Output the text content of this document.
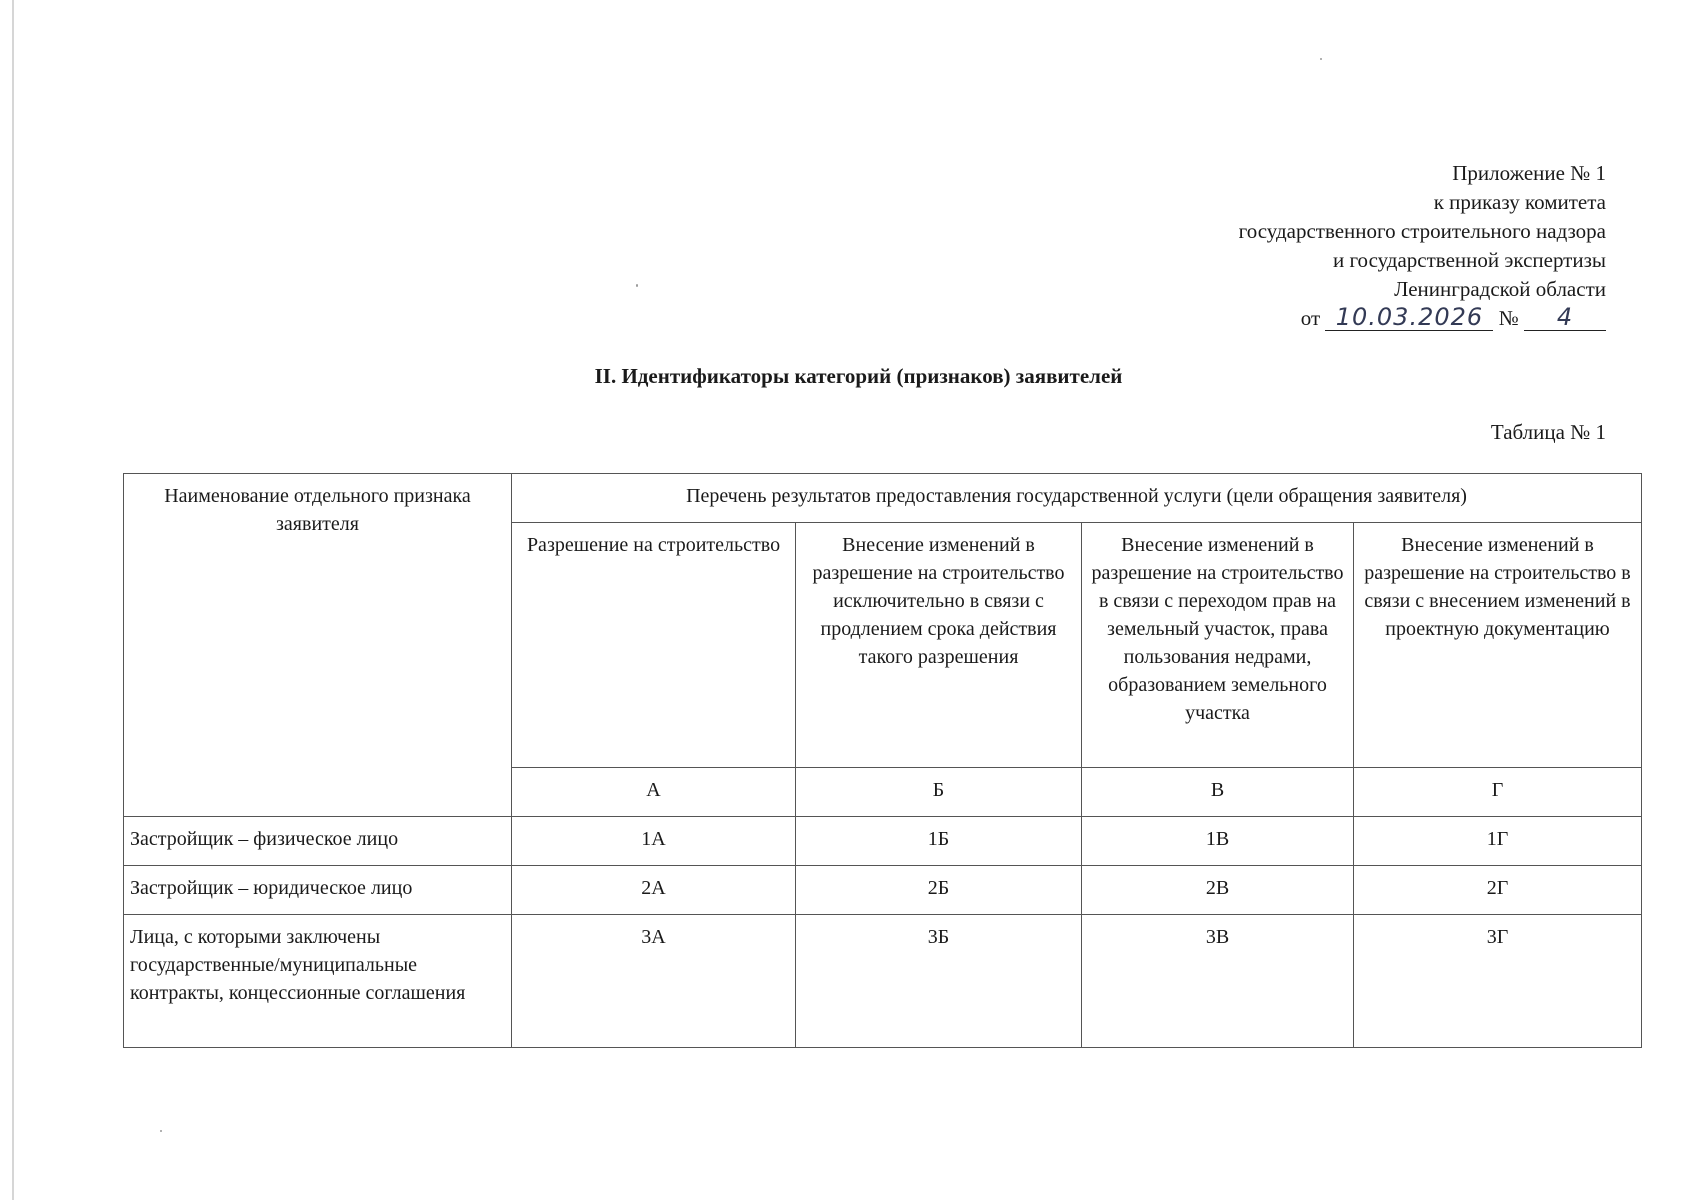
Приложение № 1
к приказу комитета
государственного строительного надзора
и государственной экспертизы
Ленинградской области
от 10.03.2026 № 4
II. Идентификаторы категорий (признаков) заявителей
Таблица № 1
Наименование отдельного признака заявителя	Перечень результатов предоставления государственной услуги (цели обращения заявителя)			
	Разрешение на строительство	Внесение изменений в разрешение на строительство исключительно в связи с продлением срока действия такого разрешения	Внесение изменений в разрешение на строительство в связи с переходом прав на земельный участок, права пользования недрами, образованием земельного участка	Внесение изменений в разрешение на строительство в связи с внесением изменений в проектную документацию
	А	Б	В	Г
Застройщик – физическое лицо	1А	1Б	1В	1Г
Застройщик – юридическое лицо	2А	2Б	2В	2Г
Лица, с которыми заключены государственные/муниципальные контракты, концессионные соглашения	3А	3Б	3В	3Г
